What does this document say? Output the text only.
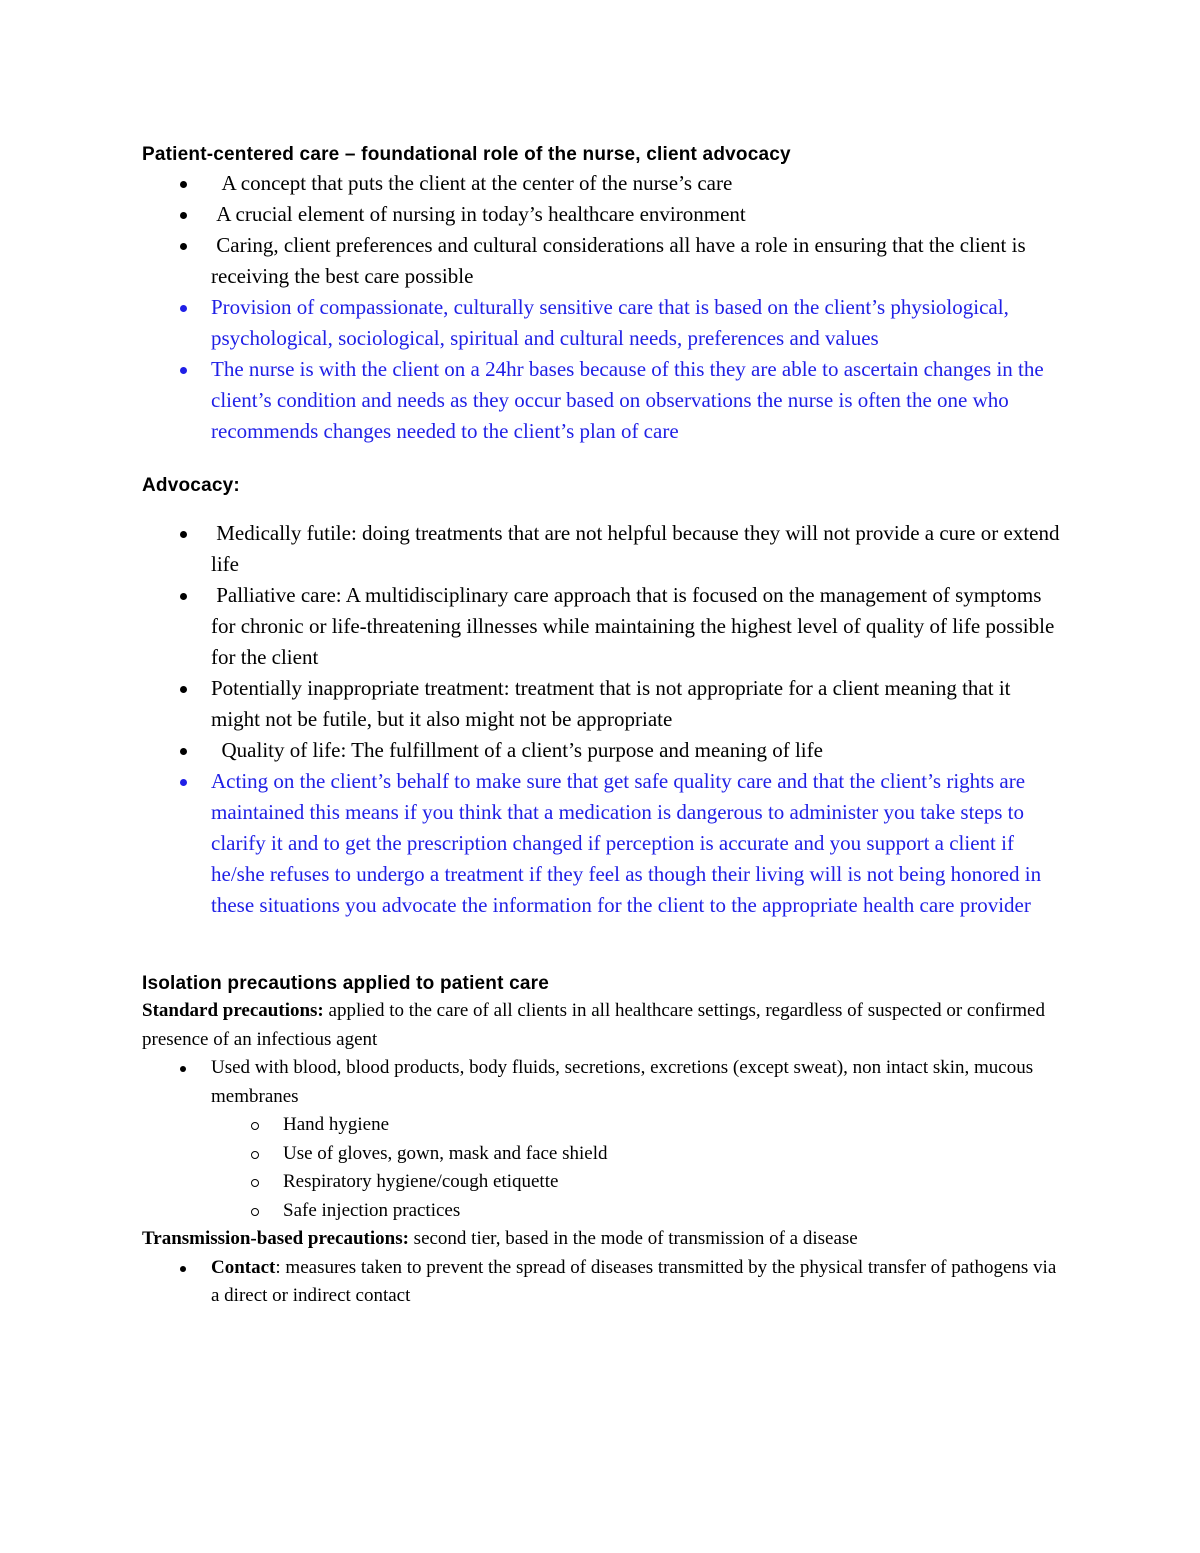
Patient-centered care – foundational role of the nurse, client advocacy

A concept that puts the client at the center of the nurse’s care
A crucial element of nursing in today’s healthcare environment
Caring, client preferences and cultural considerations all have a role in ensuring that the client is receiving the best care possible
Provision of compassionate, culturally sensitive care that is based on the client’s physiological, psychological, sociological, spiritual and cultural needs, preferences and values
The nurse is with the client on a 24hr bases because of this they are able to ascertain changes in the client’s condition and needs as they occur based on observations the nurse is often the one who recommends changes needed to the client’s plan of care

Advocacy:

Medically futile: doing treatments that are not helpful because they will not provide a cure or extend life
Palliative care: A multidisciplinary care approach that is focused on the management of symptoms for chronic or life-threatening illnesses while maintaining the highest level of quality of life possible for the client
Potentially inappropriate treatment: treatment that is not appropriate for a client meaning that it might not be futile, but it also might not be appropriate
Quality of life: The fulfillment of a client’s purpose and meaning of life
Acting on the client’s behalf to make sure that get safe quality care and that the client’s rights are maintained this means if you think that a medication is dangerous to administer you take steps to clarify it and to get the prescription changed if perception is accurate and you support a client if he/she refuses to undergo a treatment if they feel as though their living will is not being honored in these situations you advocate the information for the client to the appropriate health care provider

Isolation precautions applied to patient care

Standard precautions: applied to the care of all clients in all healthcare settings, regardless of suspected or confirmed presence of an infectious agent

Used with blood, blood products, body fluids, secretions, excretions (except sweat), non intact skin, mucous membranes
Hand hygiene
Use of gloves, gown, mask and face shield
Respiratory hygiene/cough etiquette
Safe injection practices

Transmission-based precautions: second tier, based in the mode of transmission of a disease

Contact: measures taken to prevent the spread of diseases transmitted by the physical transfer of pathogens via a direct or indirect contact
